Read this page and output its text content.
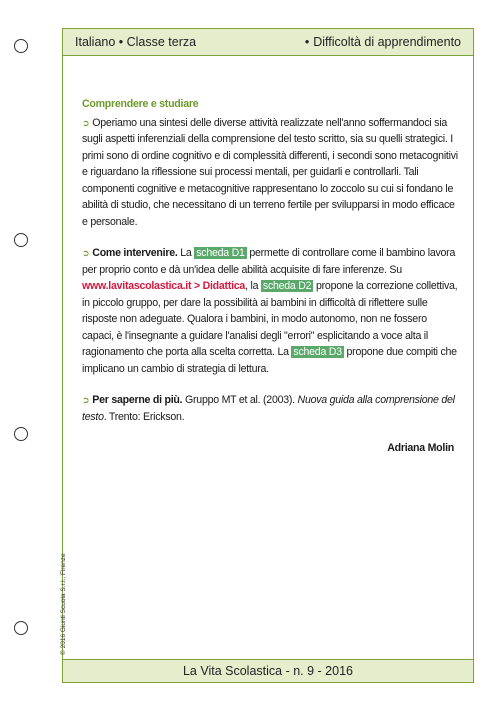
Italiano • Classe terza	• Difficoltà di apprendimento
© 2016 Giunti Scuola S.r.l., Firenze
Comprendere e studiare

➲ Operiamo una sintesi delle diverse attività realizzate nell'anno soffermandoci sia sugli aspetti inferenziali della comprensione del testo scritto, sia su quelli strategici. I primi sono di ordine cognitivo e di complessità differenti, i secondi sono metacognitivi e riguardano la riflessione sui processi mentali, per guidarli e controllarli. Tali componenti cognitive e metacognitive rappresentano lo zoccolo su cui si fondano le abilità di studio, che necessitano di un terreno fertile per svilupparsi in modo efficace e personale.

➲ Come intervenire. La scheda D1 permette di controllare come il bambino lavora per proprio conto e dà un'idea delle abilità acquisite di fare inferenze. Su www.lavitascolastica.it > Didattica, la scheda D2 propone la correzione collettiva, in piccolo gruppo, per dare la possibilità ai bambini in difficoltà di riflettere sulle risposte non adeguate. Qualora i bambini, in modo autonomo, non ne fossero capaci, è l'insegnante a guidare l'analisi degli "errori" esplicitando a voce alta il ragionamento che porta alla scelta corretta. La scheda D3 propone due compiti che implicano un cambio di strategia di lettura.

➲ Per saperne di più. Gruppo MT et al. (2003). Nuova guida alla comprensione del testo. Trento: Erickson.

Adriana Molin
La Vita Scolastica - n. 9 - 2016
